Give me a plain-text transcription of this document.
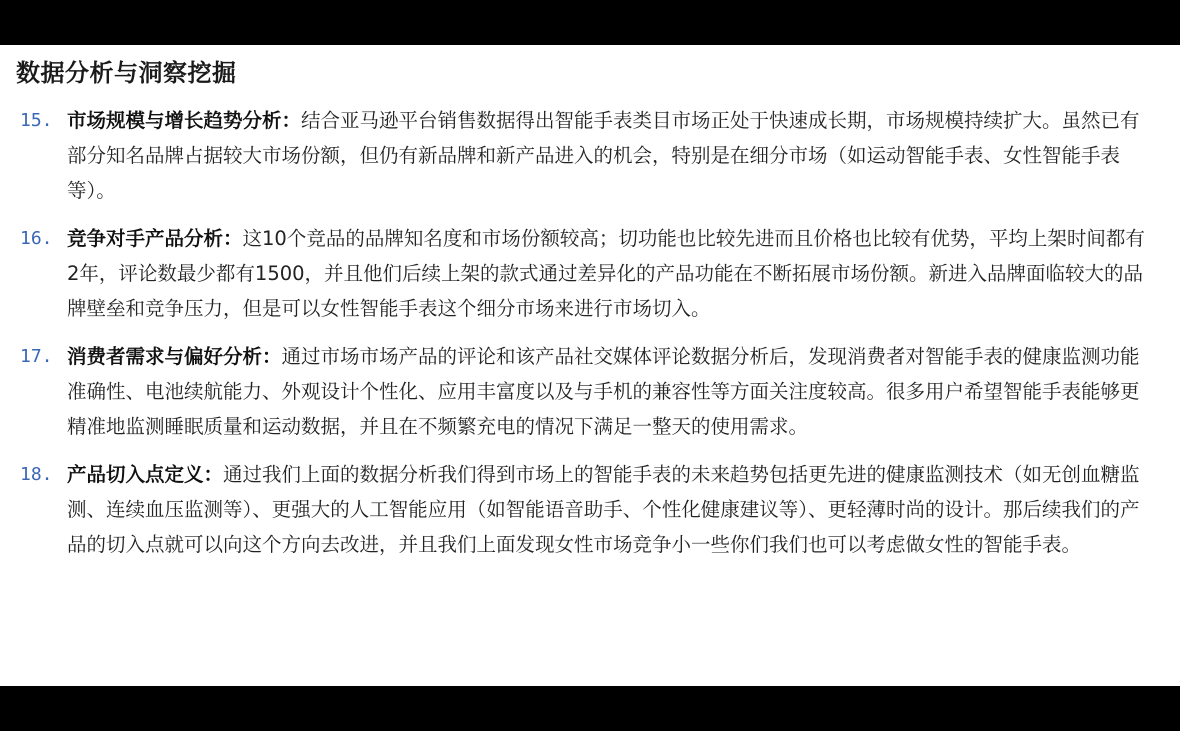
数据分析与洞察挖掘
15. 市场规模与增长趋势分析：结合亚马逊平台销售数据得出智能手表类目市场正处于快速成长期，市场规模持续扩大。虽然已有部分知名品牌占据较大市场份额，但仍有新品牌和新产品进入的机会，特别是在细分市场（如运动智能手表、女性智能手表等）。
16. 竞争对手产品分析：这10个竞品的品牌知名度和市场份额较高；切功能也比较先进而且价格也比较有优势，平均上架时间都有2年，评论数最少都有1500，并且他们后续上架的款式通过差异化的产品功能在不断拓展市场份额。新进入品牌面临较大的品牌壁垒和竞争压力，但是可以女性智能手表这个细分市场来进行市场切入。
17. 消费者需求与偏好分析：通过市场市场产品的评论和该产品社交媒体评论数据分析后，发现消费者对智能手表的健康监测功能准确性、电池续航能力、外观设计个性化、应用丰富度以及与手机的兼容性等方面关注度较高。很多用户希望智能手表能够更精准地监测睡眠质量和运动数据，并且在不频繁充电的情况下满足一整天的使用需求。
18. 产品切入点定义：通过我们上面的数据分析我们得到市场上的智能手表的未来趋势包括更先进的健康监测技术（如无创血糖监测、连续血压监测等）、更强大的人工智能应用（如智能语音助手、个性化健康建议等）、更轻薄时尚的设计。那后续我们的产品的切入点就可以向这个方向去改进，并且我们上面发现女性市场竞争小一些你们我们也可以考虑做女性的智能手表。
